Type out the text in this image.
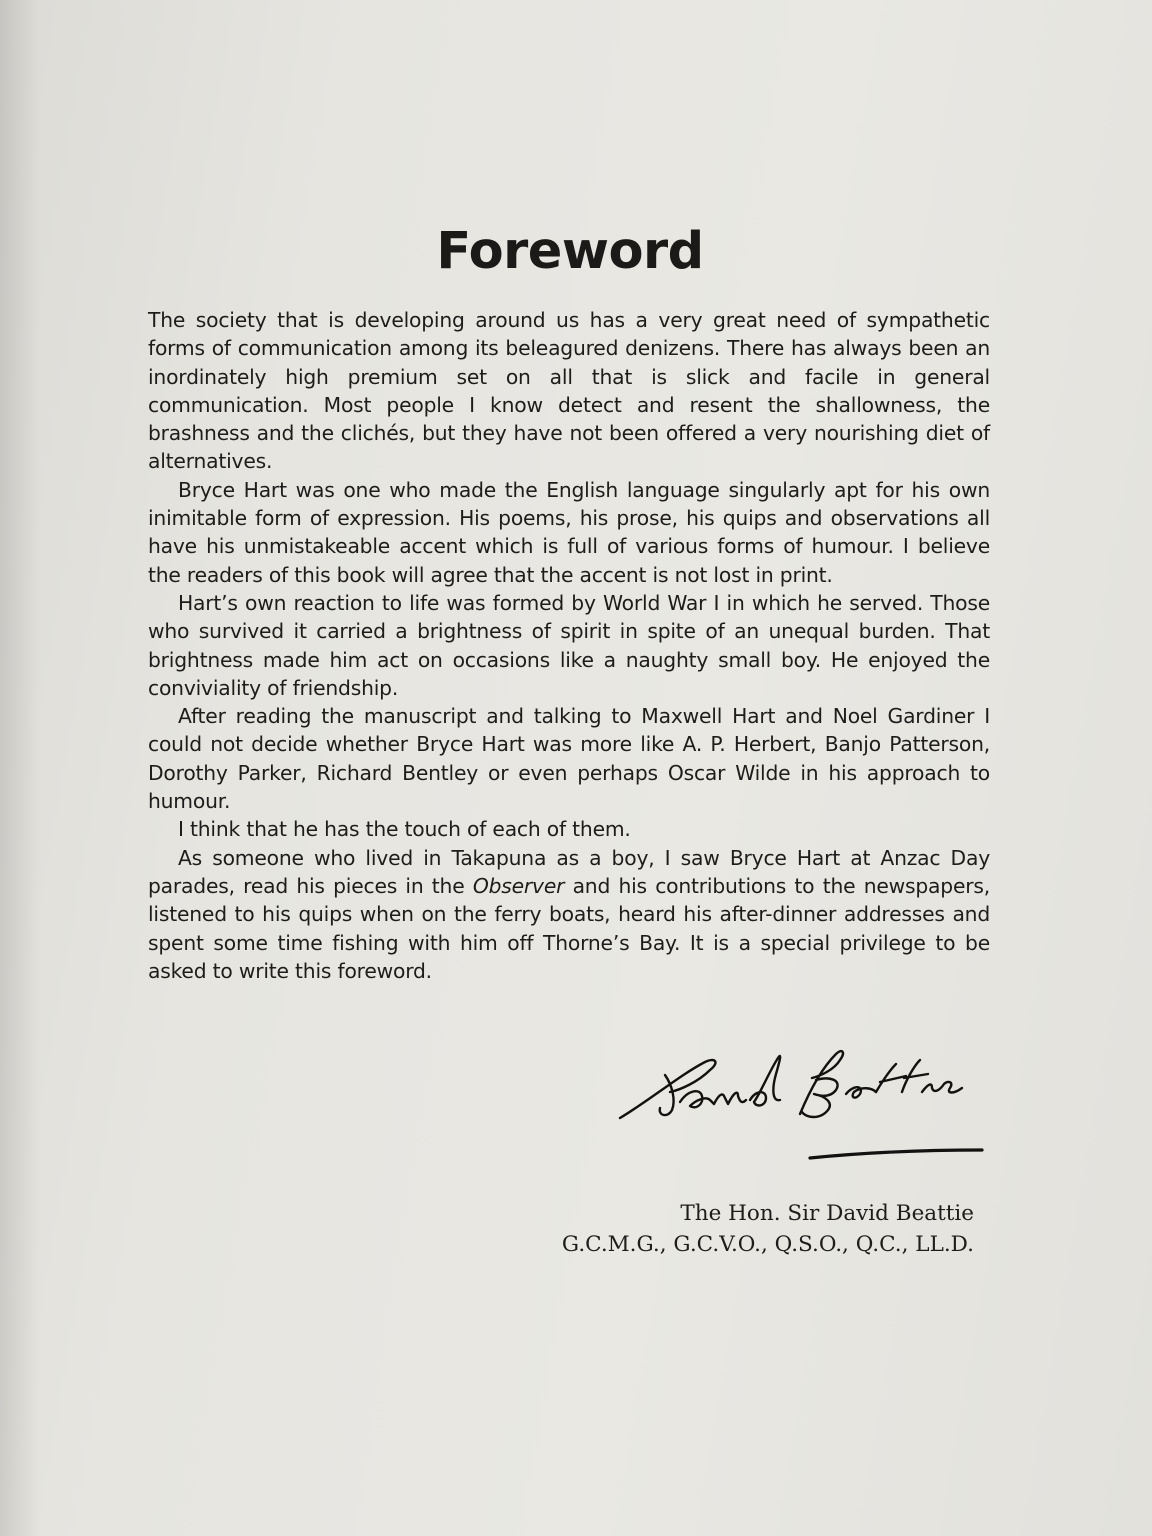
Foreword

The society that is developing around us has a very great need of sympathetic forms of communication among its beleagured denizens. There has always been an inordinately high premium set on all that is slick and facile in general communication. Most people I know detect and resent the shallowness, the brashness and the clichés, but they have not been offered a very nourishing diet of alternatives.

Bryce Hart was one who made the English language singularly apt for his own inimitable form of expression. His poems, his prose, his quips and observations all have his unmistakeable accent which is full of various forms of humour. I believe the readers of this book will agree that the accent is not lost in print.

Hart’s own reaction to life was formed by World War I in which he served. Those who survived it carried a brightness of spirit in spite of an unequal burden. That brightness made him act on occasions like a naughty small boy. He enjoyed the conviviality of friendship.

After reading the manuscript and talking to Maxwell Hart and Noel Gardiner I could not decide whether Bryce Hart was more like A. P. Herbert, Banjo Patterson, Dorothy Parker, Richard Bentley or even perhaps Oscar Wilde in his approach to humour.

I think that he has the touch of each of them.

As someone who lived in Takapuna as a boy, I saw Bryce Hart at Anzac Day parades, read his pieces in the Observer and his contributions to the newspapers, listened to his quips when on the ferry boats, heard his after-dinner addresses and spent some time fishing with him off Thorne’s Bay. It is a special privilege to be asked to write this foreword.

The Hon. Sir David Beattie
G.C.M.G., G.C.V.O., Q.S.O., Q.C., LL.D.
